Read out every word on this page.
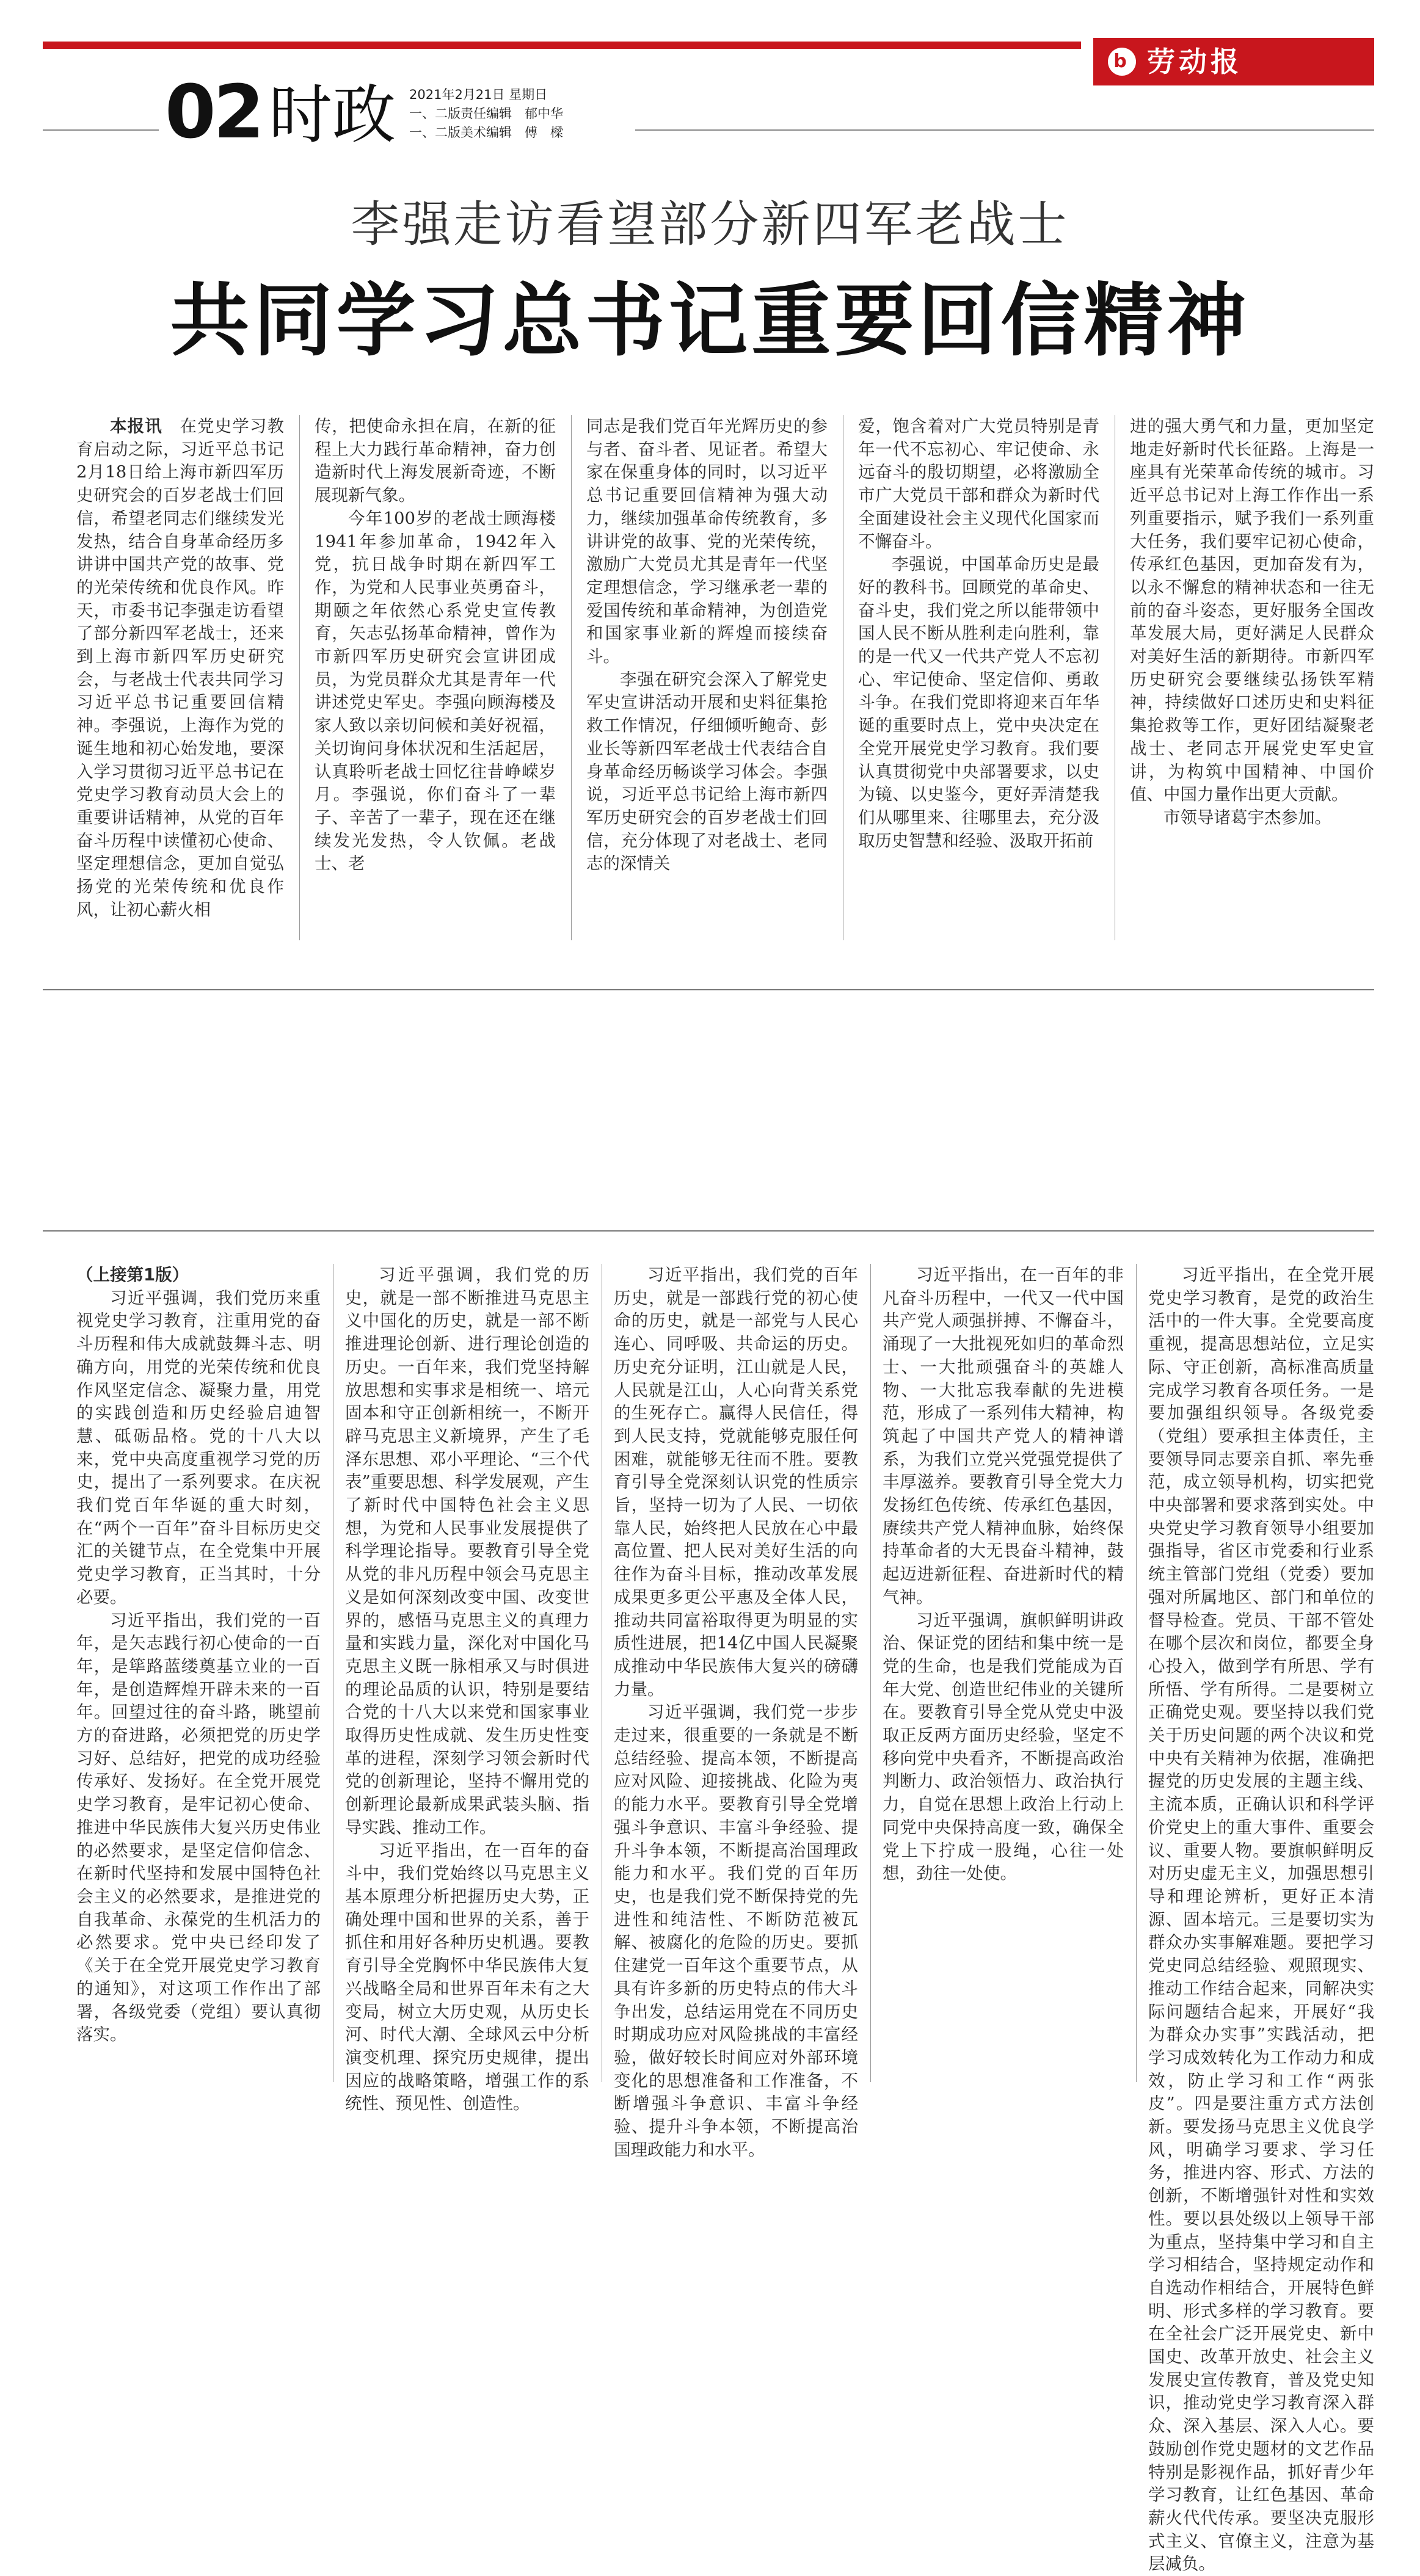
b 劳动报
02 时政 2021年2月21日 星期日
一、二版责任编辑　郁中华
一、二版美术编辑　傅　樑
李强走访看望部分新四军老战士
共同学习总书记重要回信精神

本报讯　 在党史学习教育启动之际，习近平总书记2月18日给上海市新四军历史研究会的百岁老战士们回信，希望老同志们继续发光发热，结合自身革命经历多讲讲中国共产党的故事、党的光荣传统和优良作风。昨天，市委书记李强走访看望了部分新四军老战士，还来到上海市新四军历史研究会，与老战士代表共同学习习近平总书记重要回信精神。李强说，上海作为党的诞生地和初心始发地，要深入学习贯彻习近平总书记在党史学习教育动员大会上的重要讲话精神，从党的百年奋斗历程中读懂初心使命、坚定理想信念，更加自觉弘扬党的光荣传统和优良作风，让初心薪火相

传，把使命永担在肩，在新的征程上大力践行革命精神，奋力创造新时代上海发展新奇迹，不断展现新气象。

今年100岁的老战士顾海楼1941年参加革命，1942年入党，抗日战争时期在新四军工作，为党和人民事业英勇奋斗，期颐之年依然心系党史宣传教育，矢志弘扬革命精神，曾作为市新四军历史研究会宣讲团成员，为党员群众尤其是青年一代讲述党史军史。李强向顾海楼及家人致以亲切问候和美好祝福，关切询问身体状况和生活起居，认真聆听老战士回忆往昔峥嵘岁月。李强说，你们奋斗了一辈子、辛苦了一辈子，现在还在继续发光发热，令人钦佩。老战士、老

同志是我们党百年光辉历史的参与者、奋斗者、见证者。希望大家在保重身体的同时，以习近平总书记重要回信精神为强大动力，继续加强革命传统教育，多讲讲党的故事、党的光荣传统，激励广大党员尤其是青年一代坚定理想信念，学习继承老一辈的爱国传统和革命精神，为创造党和国家事业新的辉煌而接续奋斗。

李强在研究会深入了解党史军史宣讲活动开展和史料征集抢救工作情况，仔细倾听鲍奇、彭业长等新四军老战士代表结合自身革命经历畅谈学习体会。李强说，习近平总书记给上海市新四军历史研究会的百岁老战士们回信，充分体现了对老战士、老同志的深情关

爱，饱含着对广大党员特别是青年一代不忘初心、牢记使命、永远奋斗的殷切期望，必将激励全市广大党员干部和群众为新时代全面建设社会主义现代化国家而不懈奋斗。

李强说，中国革命历史是最好的教科书。回顾党的革命史、奋斗史，我们党之所以能带领中国人民不断从胜利走向胜利，靠的是一代又一代共产党人不忘初心、牢记使命、坚定信仰、勇敢斗争。在我们党即将迎来百年华诞的重要时点上，党中央决定在全党开展党史学习教育。我们要认真贯彻党中央部署要求，以史为镜、以史鉴今，更好弄清楚我们从哪里来、往哪里去，充分汲取历史智慧和经验、汲取开拓前

进的强大勇气和力量，更加坚定地走好新时代长征路。上海是一座具有光荣革命传统的城市。习近平总书记对上海工作作出一系列重要指示，赋予我们一系列重大任务，我们要牢记初心使命，传承红色基因，更加奋发有为，以永不懈怠的精神状态和一往无前的奋斗姿态，更好服务全国改革发展大局，更好满足人民群众对美好生活的新期待。市新四军历史研究会要继续弘扬铁军精神，持续做好口述历史和史料征集抢救等工作，更好团结凝聚老战士、老同志开展党史军史宣讲，为构筑中国精神、中国价值、中国力量作出更大贡献。

市领导诸葛宇杰参加。

（上接第1版）

习近平强调，我们党历来重视党史学习教育，注重用党的奋斗历程和伟大成就鼓舞斗志、明确方向，用党的光荣传统和优良作风坚定信念、凝聚力量，用党的实践创造和历史经验启迪智慧、砥砺品格。党的十八大以来，党中央高度重视学习党的历史，提出了一系列要求。在庆祝我们党百年华诞的重大时刻，在“两个一百年”奋斗目标历史交汇的关键节点，在全党集中开展党史学习教育，正当其时，十分必要。

习近平指出，我们党的一百年，是矢志践行初心使命的一百年，是筚路蓝缕奠基立业的一百年，是创造辉煌开辟未来的一百年。回望过往的奋斗路，眺望前方的奋进路，必须把党的历史学习好、总结好，把党的成功经验传承好、发扬好。在全党开展党史学习教育，是牢记初心使命、推进中华民族伟大复兴历史伟业的必然要求，是坚定信仰信念、在新时代坚持和发展中国特色社会主义的必然要求，是推进党的自我革命、永葆党的生机活力的必然要求。党中央已经印发了《关于在全党开展党史学习教育的通知》，对这项工作作出了部署，各级党委（党组）要认真彻落实。

习近平强调，我们党的历史，就是一部不断推进马克思主义中国化的历史，就是一部不断推进理论创新、进行理论创造的历史。一百年来，我们党坚持解放思想和实事求是相统一、培元固本和守正创新相统一，不断开辟马克思主义新境界，产生了毛泽东思想、邓小平理论、“三个代表”重要思想、科学发展观，产生了新时代中国特色社会主义思想，为党和人民事业发展提供了科学理论指导。要教育引导全党从党的非凡历程中领会马克思主义是如何深刻改变中国、改变世界的，感悟马克思主义的真理力量和实践力量，深化对中国化马克思主义既一脉相承又与时俱进的理论品质的认识，特别是要结合党的十八大以来党和国家事业取得历史性成就、发生历史性变革的进程，深刻学习领会新时代党的创新理论，坚持不懈用党的创新理论最新成果武装头脑、指导实践、推动工作。

习近平指出，在一百年的奋斗中，我们党始终以马克思主义基本原理分析把握历史大势，正确处理中国和世界的关系，善于抓住和用好各种历史机遇。要教育引导全党胸怀中华民族伟大复兴战略全局和世界百年未有之大变局，树立大历史观，从历史长河、时代大潮、全球风云中分析演变机理、探究历史规律，提出因应的战略策略，增强工作的系统性、预见性、创造性。

习近平指出，我们党的百年历史，就是一部践行党的初心使命的历史，就是一部党与人民心连心、同呼吸、共命运的历史。历史充分证明，江山就是人民，人民就是江山，人心向背关系党的生死存亡。赢得人民信任，得到人民支持，党就能够克服任何困难，就能够无往而不胜。要教育引导全党深刻认识党的性质宗旨，坚持一切为了人民、一切依靠人民，始终把人民放在心中最高位置、把人民对美好生活的向往作为奋斗目标，推动改革发展成果更多更公平惠及全体人民，推动共同富裕取得更为明显的实质性进展，把14亿中国人民凝聚成推动中华民族伟大复兴的磅礴力量。

习近平强调，我们党一步步走过来，很重要的一条就是不断总结经验、提高本领，不断提高应对风险、迎接挑战、化险为夷的能力水平。要教育引导全党增强斗争意识、丰富斗争经验、提升斗争本领，不断提高治国理政能力和水平。我们党的百年历史，也是我们党不断保持党的先进性和纯洁性、不断防范被瓦解、被腐化的危险的历史。要抓住建党一百年这个重要节点，从具有许多新的历史特点的伟大斗争出发，总结运用党在不同历史时期成功应对风险挑战的丰富经验，做好较长时间应对外部环境变化的思想准备和工作准备，不断增强斗争意识、丰富斗争经验、提升斗争本领，不断提高治国理政能力和水平。

习近平指出，在一百年的非凡奋斗历程中，一代又一代中国共产党人顽强拼搏、不懈奋斗，涌现了一大批视死如归的革命烈士、一大批顽强奋斗的英雄人物、一大批忘我奉献的先进模范，形成了一系列伟大精神，构筑起了中国共产党人的精神谱系，为我们立党兴党强党提供了丰厚滋养。要教育引导全党大力发扬红色传统、传承红色基因，赓续共产党人精神血脉，始终保持革命者的大无畏奋斗精神，鼓起迈进新征程、奋进新时代的精气神。

习近平强调，旗帜鲜明讲政治、保证党的团结和集中统一是党的生命，也是我们党能成为百年大党、创造世纪伟业的关键所在。要教育引导全党从党史中汲取正反两方面历史经验，坚定不移向党中央看齐，不断提高政治判断力、政治领悟力、政治执行力，自觉在思想上政治上行动上同党中央保持高度一致，确保全党上下拧成一股绳，心往一处想，劲往一处使。

习近平指出，在全党开展党史学习教育，是党的政治生活中的一件大事。全党要高度重视，提高思想站位，立足实际、守正创新，高标准高质量完成学习教育各项任务。一是要加强组织领导。各级党委（党组）要承担主体责任，主要领导同志要亲自抓、率先垂范，成立领导机构，切实把党中央部署和要求落到实处。中央党史学习教育领导小组要加强指导，省区市党委和行业系统主管部门党组（党委）要加强对所属地区、部门和单位的督导检查。党员、干部不管处在哪个层次和岗位，都要全身心投入，做到学有所思、学有所悟、学有所得。二是要树立正确党史观。要坚持以我们党关于历史问题的两个决议和党中央有关精神为依据，准确把握党的历史发展的主题主线、主流本质，正确认识和科学评价党史上的重大事件、重要会议、重要人物。要旗帜鲜明反对历史虚无主义，加强思想引导和理论辨析，更好正本清源、固本培元。三是要切实为群众办实事解难题。要把学习党史同总结经验、观照现实、推动工作结合起来，同解决实际问题结合起来，开展好“我为群众办实事”实践活动，把学习成效转化为工作动力和成效，防止学习和工作“两张皮”。四是要注重方式方法创新。要发扬马克思主义优良学风，明确学习要求、学习任务，推进内容、形式、方法的创新，不断增强针对性和实效性。要以县处级以上领导干部为重点，坚持集中学习和自主学习相结合，坚持规定动作和自选动作相结合，开展特色鲜明、形式多样的学习教育。要在全社会广泛开展党史、新中国史、改革开放史、社会主义发展史宣传教育，普及党史知识，推动党史学习教育深入群众、深入基层、深入人心。要鼓励创作党史题材的文艺作品特别是影视作品，抓好青少年学习教育，让红色基因、革命薪火代代传承。要坚决克服形式主义、官僚主义，注意为基层减负。
